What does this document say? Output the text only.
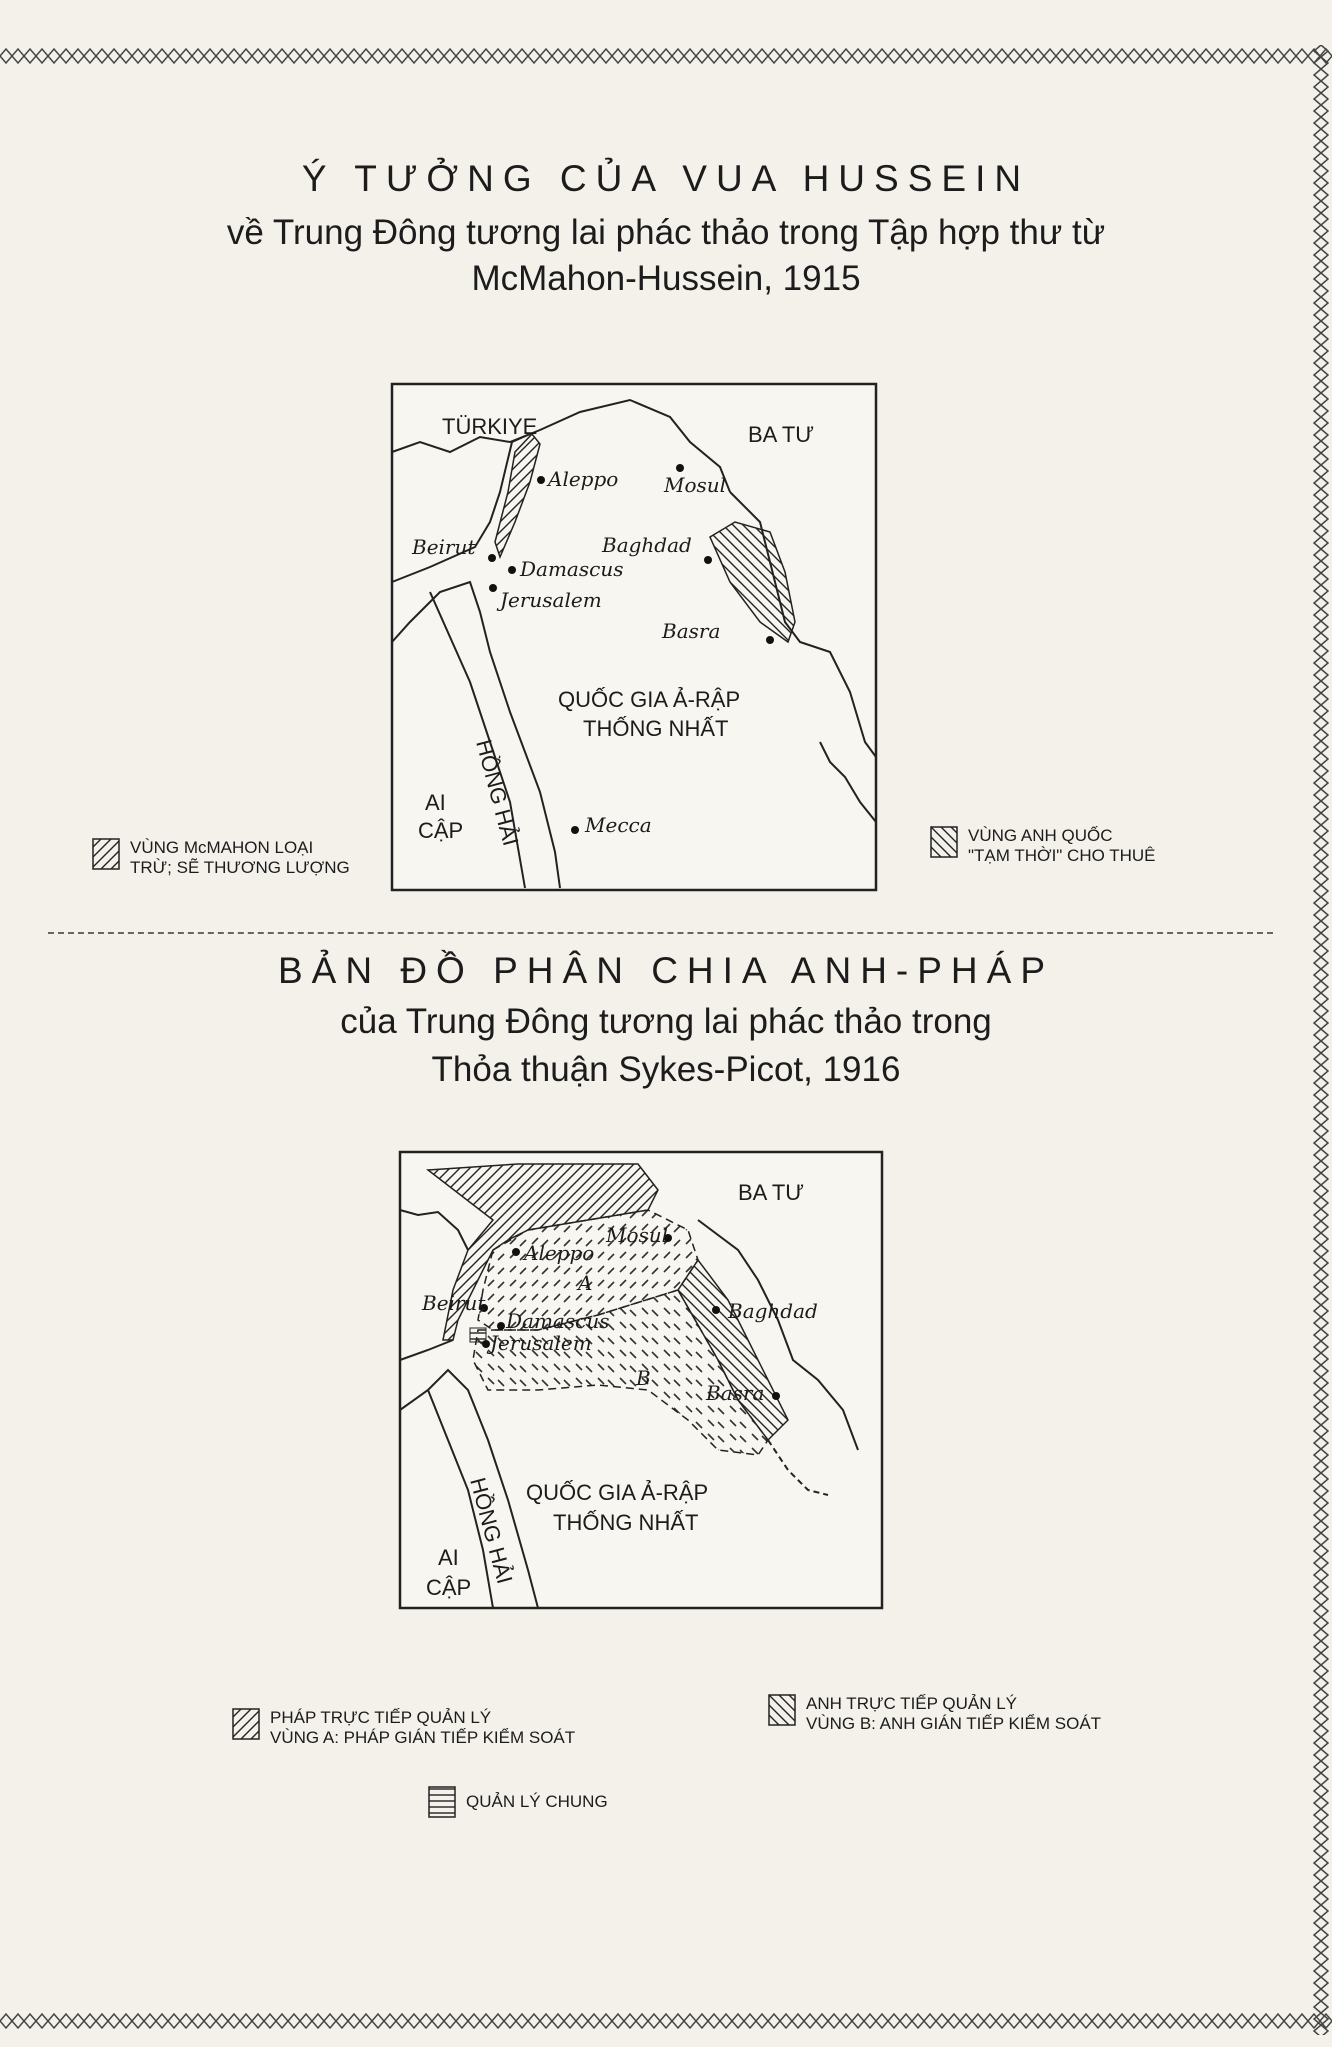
Ý TƯỞNG CỦA VUA HUSSEIN
về Trung Đông tương lai phác thảo trong Tập hợp thư từ
McMahon-Hussein, 1915
TÜRKIYE	BA TƯ
QUỐC GIA Ả-RẬP
THỐNG NHẤT
AI
CẬP HỒNG HẢI
Aleppo Mosul
Beirut
Damascus
Jerusalem
Baghdad
Basra
Mecca
VÙNG McMAHON LOẠI
TRỪ; SẼ THƯƠNG LƯỢNG
VÙNG ANH QUỐC
"TẠM THỜI" CHO THUÊ
BẢN ĐỒ PHÂN CHIA ANH-PHÁP
của Trung Đông tương lai phác thảo trong
Thỏa thuận Sykes-Picot, 1916
BA TƯ
A
B
QUỐC GIA Ả-RẬP
THỐNG NHẤT
AI
CẬP
HỒNG HẢI
Mosul
Aleppo
Beirut
Damascus
Jerusalem
Baghdad
Basra
PHÁP TRỰC TIẾP QUẢN LÝ
VÙNG A: PHÁP GIÁN TIẾP KIỂM SOÁT
ANH TRỰC TIẾP QUẢN LÝ
VÙNG B: ANH GIÁN TIẾP KIỂM SOÁT
QUẢN LÝ CHUNG
